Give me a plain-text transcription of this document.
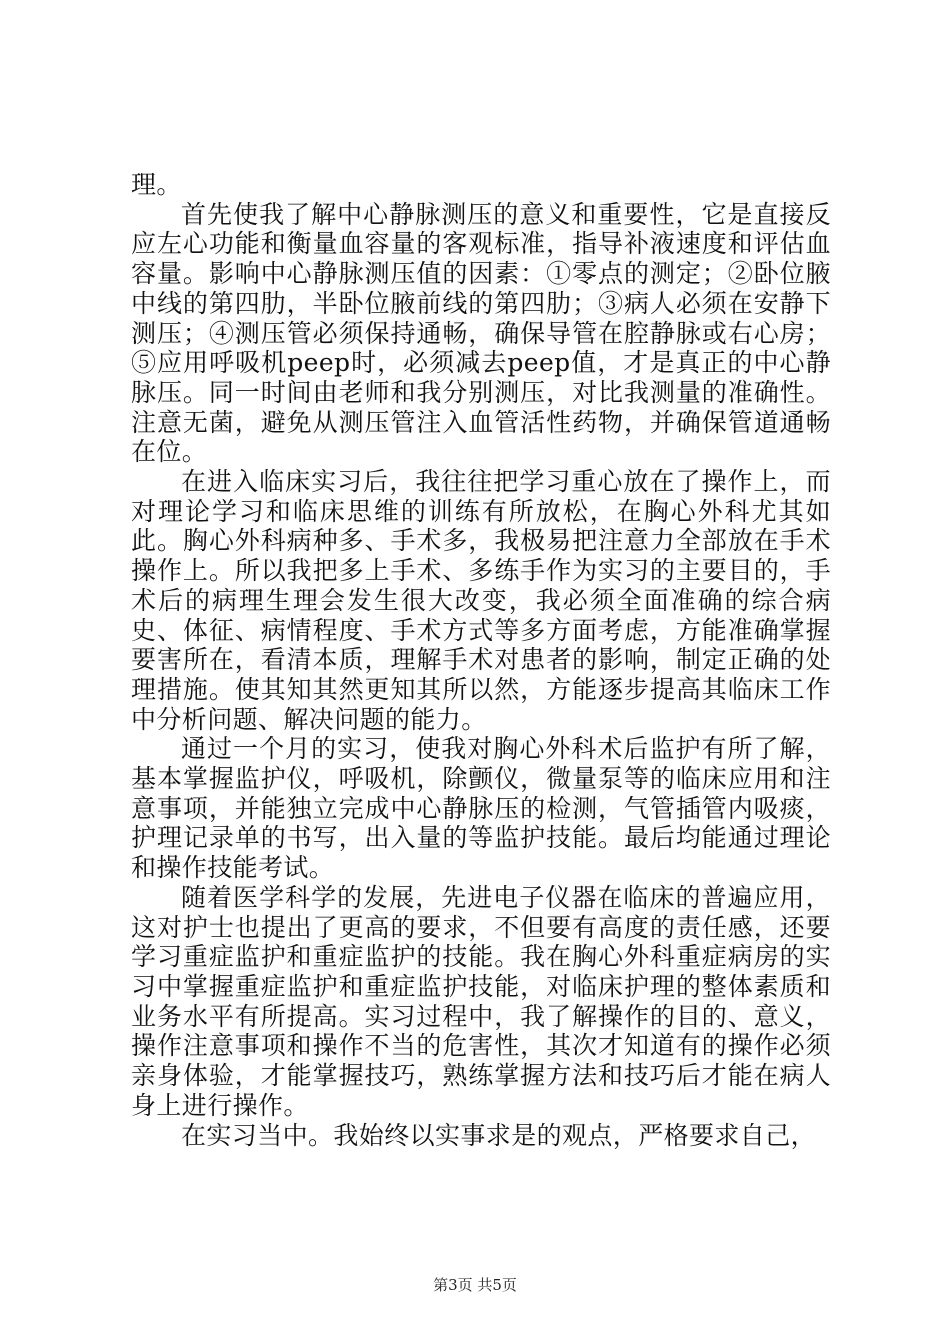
理。

首先使我了解中心静脉测压的意义和重要性，它是直接反应左心功能和衡量血容量的客观标准，指导补液速度和评估血容量。影响中心静脉测压值的因素：①零点的测定；②卧位腋中线的第四肋，半卧位腋前线的第四肋；③病人必须在安静下测压；④测压管必须保持通畅，确保导管在腔静脉或右心房；⑤应用呼吸机peep时，必须减去peep值，才是真正的中心静脉压。同一时间由老师和我分别测压，对比我测量的准确性。注意无菌，避免从测压管注入血管活性药物，并确保管道通畅在位。

在进入临床实习后，我往往把学习重心放在了操作上，而对理论学习和临床思维的训练有所放松，在胸心外科尤其如此。胸心外科病种多、手术多，我极易把注意力全部放在手术操作上。所以我把多上手术、多练手作为实习的主要目的，手术后的病理生理会发生很大改变，我必须全面准确的综合病史、体征、病情程度、手术方式等多方面考虑，方能准确掌握要害所在，看清本质，理解手术对患者的影响，制定正确的处理措施。使其知其然更知其所以然，方能逐步提高其临床工作中分析问题、解决问题的能力。

通过一个月的实习，使我对胸心外科术后监护有所了解，基本掌握监护仪，呼吸机，除颤仪，微量泵等的临床应用和注意事项，并能独立完成中心静脉压的检测，气管插管内吸痰，护理记录单的书写，出入量的等监护技能。最后均能通过理论和操作技能考试。

随着医学科学的发展，先进电子仪器在临床的普遍应用，这对护士也提出了更高的要求，不但要有高度的责任感，还要学习重症监护和重症监护的技能。我在胸心外科重症病房的实习中掌握重症监护和重症监护技能，对临床护理的整体素质和业务水平有所提高。实习过程中，我了解操作的目的、意义，操作注意事项和操作不当的危害性，其次才知道有的操作必须亲身体验，才能掌握技巧，熟练掌握方法和技巧后才能在病人身上进行操作。

在实习当中。我始终以实事求是的观点，严格要求自己，

第3页 共5页
